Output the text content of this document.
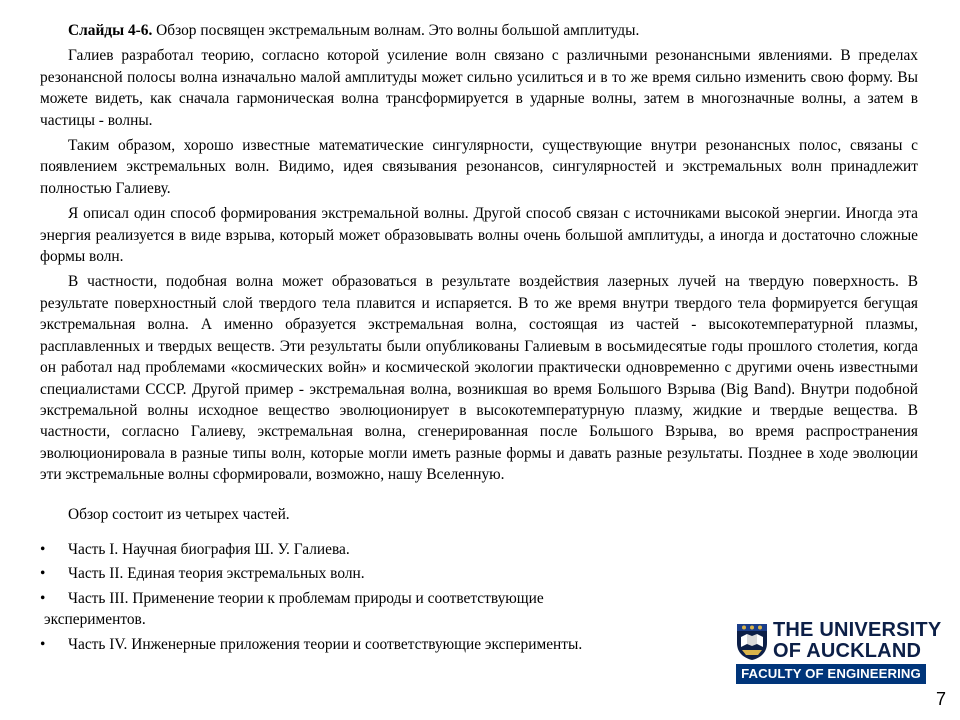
Слайды 4-6. Обзор посвящен экстремальным волнам. Это волны большой амплитуды.

Галиев разработал теорию, согласно которой усиление волн связано с различными резонансными явлениями. В пределах резонансной полосы волна изначально малой амплитуды может сильно усилиться и в то же время сильно изменить свою форму. Вы можете видеть, как сначала гармоническая волна трансформируется в ударные волны, затем в многозначные волны, а затем в частицы - волны.

Таким образом, хорошо известные математические сингулярности, существующие внутри резонансных полос, связаны с появлением экстремальных волн. Видимо, идея связывания резонансов, сингулярностей и экстремальных волн принадлежит полностью Галиеву.

Я описал один способ формирования экстремальной волны. Другой способ связан с источниками высокой энергии. Иногда эта энергия реализуется в виде взрыва, который может образовывать волны очень большой амплитуды, а иногда и достаточно сложные формы волн.

В частности, подобная волна может образоваться в результате воздействия лазерных лучей на твердую поверхность. В результате поверхностный слой твердого тела плавится и испаряется. В то же время внутри твердого тела формируется бегущая экстремальная волна. А именно образуется экстремальная волна, состоящая из частей - высокотемпературной плазмы, расплавленных и твердых веществ. Эти результаты были опубликованы Галиевым в восьмидесятые годы прошлого столетия, когда он работал над проблемами «космических войн» и космической экологии практически одновременно с другими очень известными специалистами СССР. Другой пример - экстремальная волна, возникшая во время Большого Взрыва (Big Band). Внутри подобной экстремальной волны исходное вещество эволюционирует в высокотемпературную плазму, жидкие и твердые вещества. В частности, согласно Галиеву, экстремальная волна, сгенерированная после Большого Взрыва, во время распространения эволюционировала в разные типы волн, которые могли иметь разные формы и давать разные результаты. Позднее в ходе эволюции эти экстремальные волны сформировали, возможно, нашу Вселенную.

Обзор состоит из четырех частей.

• Часть I. Научная биография Ш. У. Галиева.
• Часть II. Единая теория экстремальных волн.
• Часть III. Применение теории к проблемам природы и соответствующие
экспериментов.
• Часть IV. Инженерные приложения теории и соответствующие эксперименты.
THE UNIVERSITY
OF AUCKLAND
FACULTY OF ENGINEERING
7
